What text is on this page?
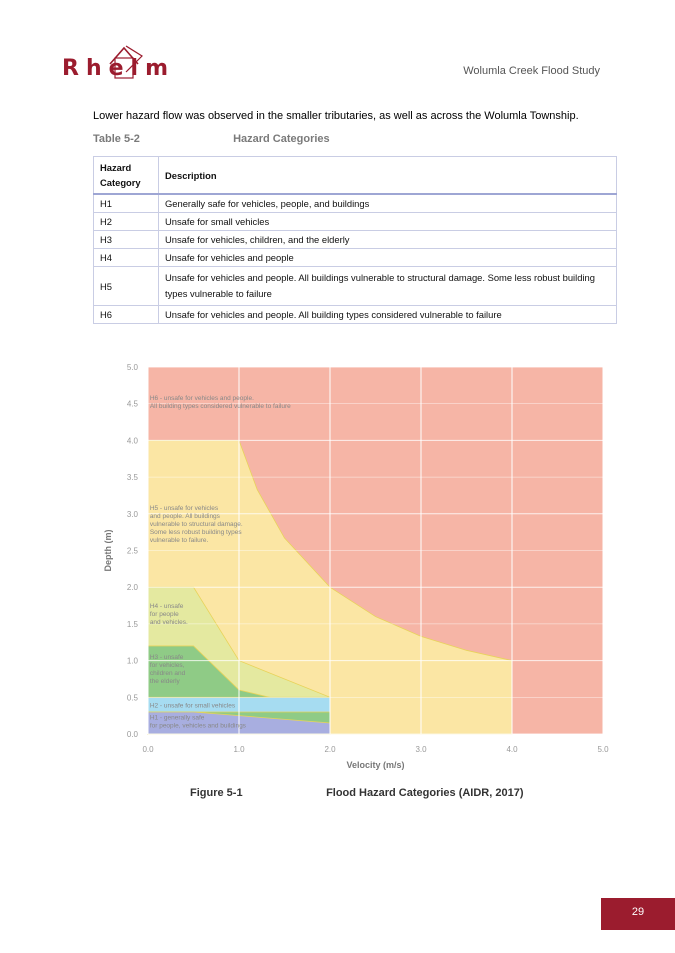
Rhelm	Wolumla Creek Flood Study
Lower hazard flow was observed in the smaller tributaries, as well as across the Wolumla Township.
Table 5-2	Hazard Categories
Hazard Category	Description
H1	Generally safe for vehicles, people, and buildings
H2	Unsafe for small vehicles
H3	Unsafe for vehicles, children, and the elderly
H4	Unsafe for vehicles and people
H5	Unsafe for vehicles and people. All buildings vulnerable to structural damage. Some less robust building types vulnerable to failure
H6	Unsafe for vehicles and people. All building types considered vulnerable to failure
H6 - unsafe for vehicles and people. All building types considered vulnerable to failure
H5 - unsafe for vehicles and people. All buildings vulnerable to structural damage. Some less robust building types vulnerable to failure.
H4 - unsafe for people and vehicles.
H3 - unsafe for vehicles, children and the elderly
H2 - unsafe for small vehicles
H1 - generally safe for people, vehicles and buildings
0.0	1.0	2.0	3.0	4.0	5.0
0.0
0.5
1.0
1.5
2.0
2.5
3.0
3.5
4.0
4.5
5.0
Velocity (m/s)
Depth (m)
Figure 5-1	Flood Hazard Categories (AIDR, 2017)
29
